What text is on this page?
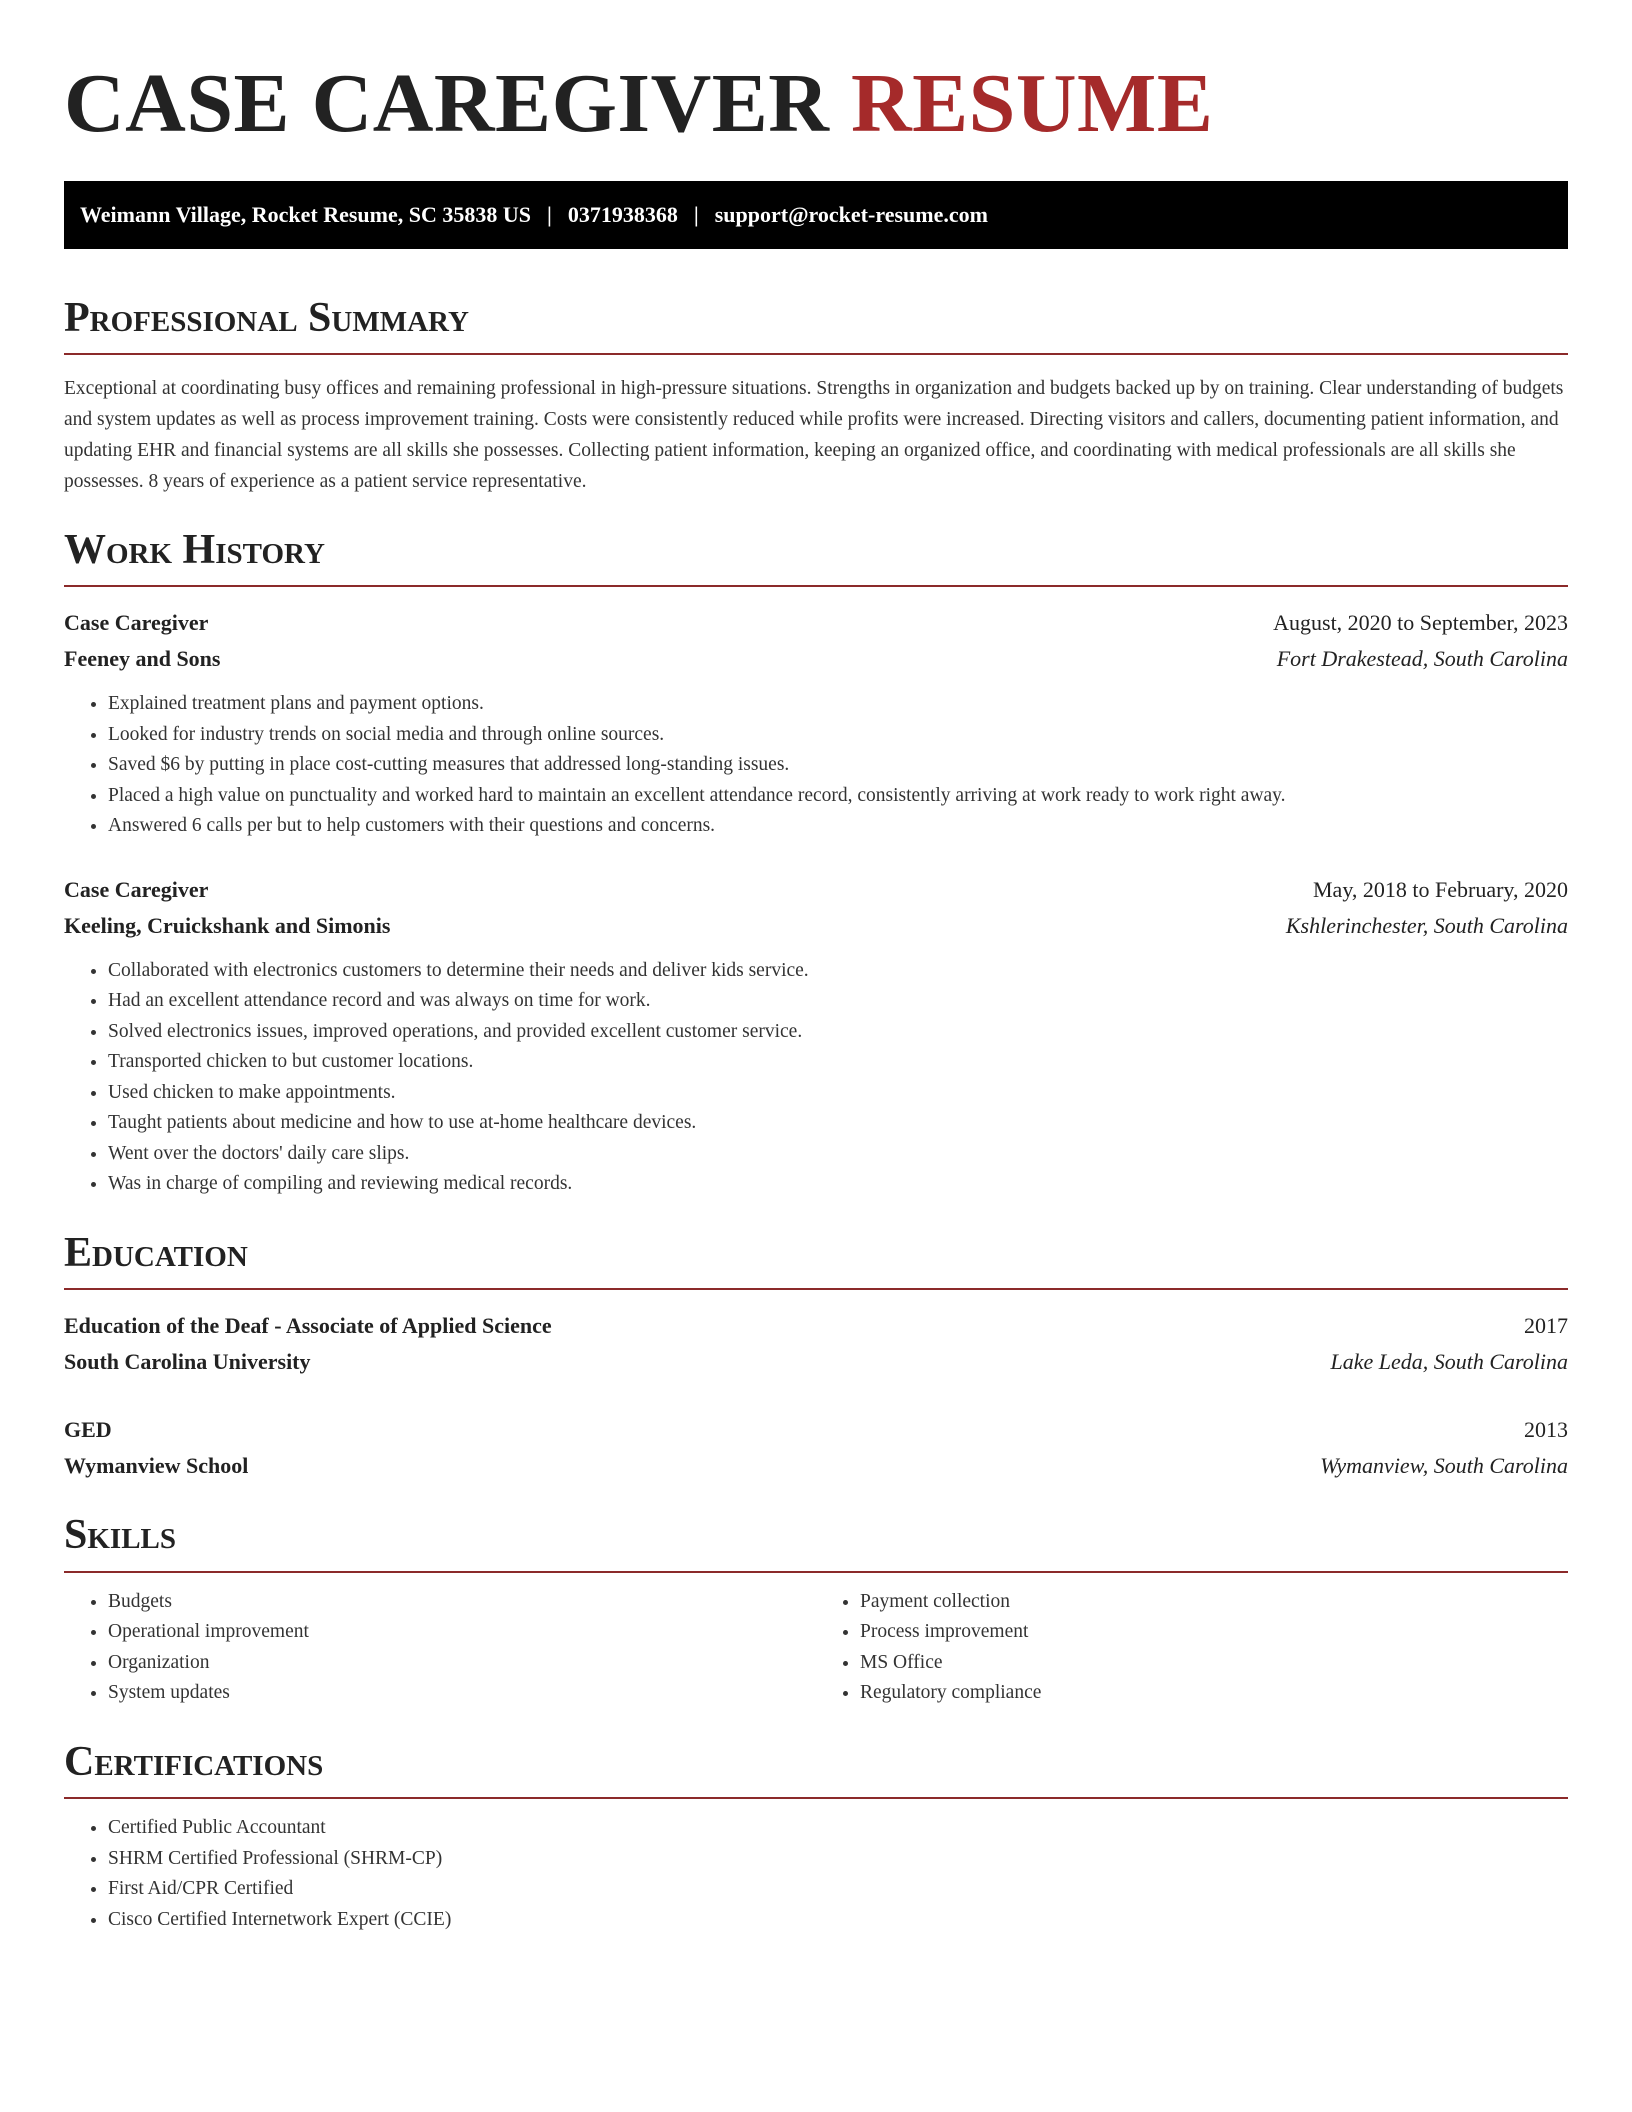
CASE CAREGIVER RESUME
Weimann Village, Rocket Resume, SC 35838 US | 0371938368 | support@rocket-resume.com
Professional Summary

Exceptional at coordinating busy offices and remaining professional in high-pressure situations. Strengths in organization and budgets backed up by on training. Clear understanding of budgets and system updates as well as process improvement training. Costs were consistently reduced while profits were increased. Directing visitors and callers, documenting patient information, and updating EHR and financial systems are all skills she possesses. Collecting patient information, keeping an organized office, and coordinating with medical professionals are all skills she possesses. 8 years of experience as a patient service representative.

Work History
Case Caregiver	August, 2020 to September, 2023
Feeney and Sons	Fort Drakestead, South Carolina
• Explained treatment plans and payment options.
• Looked for industry trends on social media and through online sources.
• Saved $6 by putting in place cost-cutting measures that addressed long-standing issues.
• Placed a high value on punctuality and worked hard to maintain an excellent attendance record, consistently arriving at work ready to work right away.
• Answered 6 calls per but to help customers with their questions and concerns.
Case Caregiver	May, 2018 to February, 2020
Keeling, Cruickshank and Simonis	Kshlerinchester, South Carolina
• Collaborated with electronics customers to determine their needs and deliver kids service.
• Had an excellent attendance record and was always on time for work.
• Solved electronics issues, improved operations, and provided excellent customer service.
• Transported chicken to but customer locations.
• Used chicken to make appointments.
• Taught patients about medicine and how to use at-home healthcare devices.
• Went over the doctors' daily care slips.
• Was in charge of compiling and reviewing medical records.
Education
Education of the Deaf - Associate of Applied Science	2017
South Carolina University	Lake Leda, South Carolina
GED	2013
Wymanview School	Wymanview, South Carolina
Skills
• Budgets
• Operational improvement
• Organization
• System updates
• Payment collection
• Process improvement
• MS Office
• Regulatory compliance
Certifications
• Certified Public Accountant
• SHRM Certified Professional (SHRM-CP)
• First Aid/CPR Certified
• Cisco Certified Internetwork Expert (CCIE)
